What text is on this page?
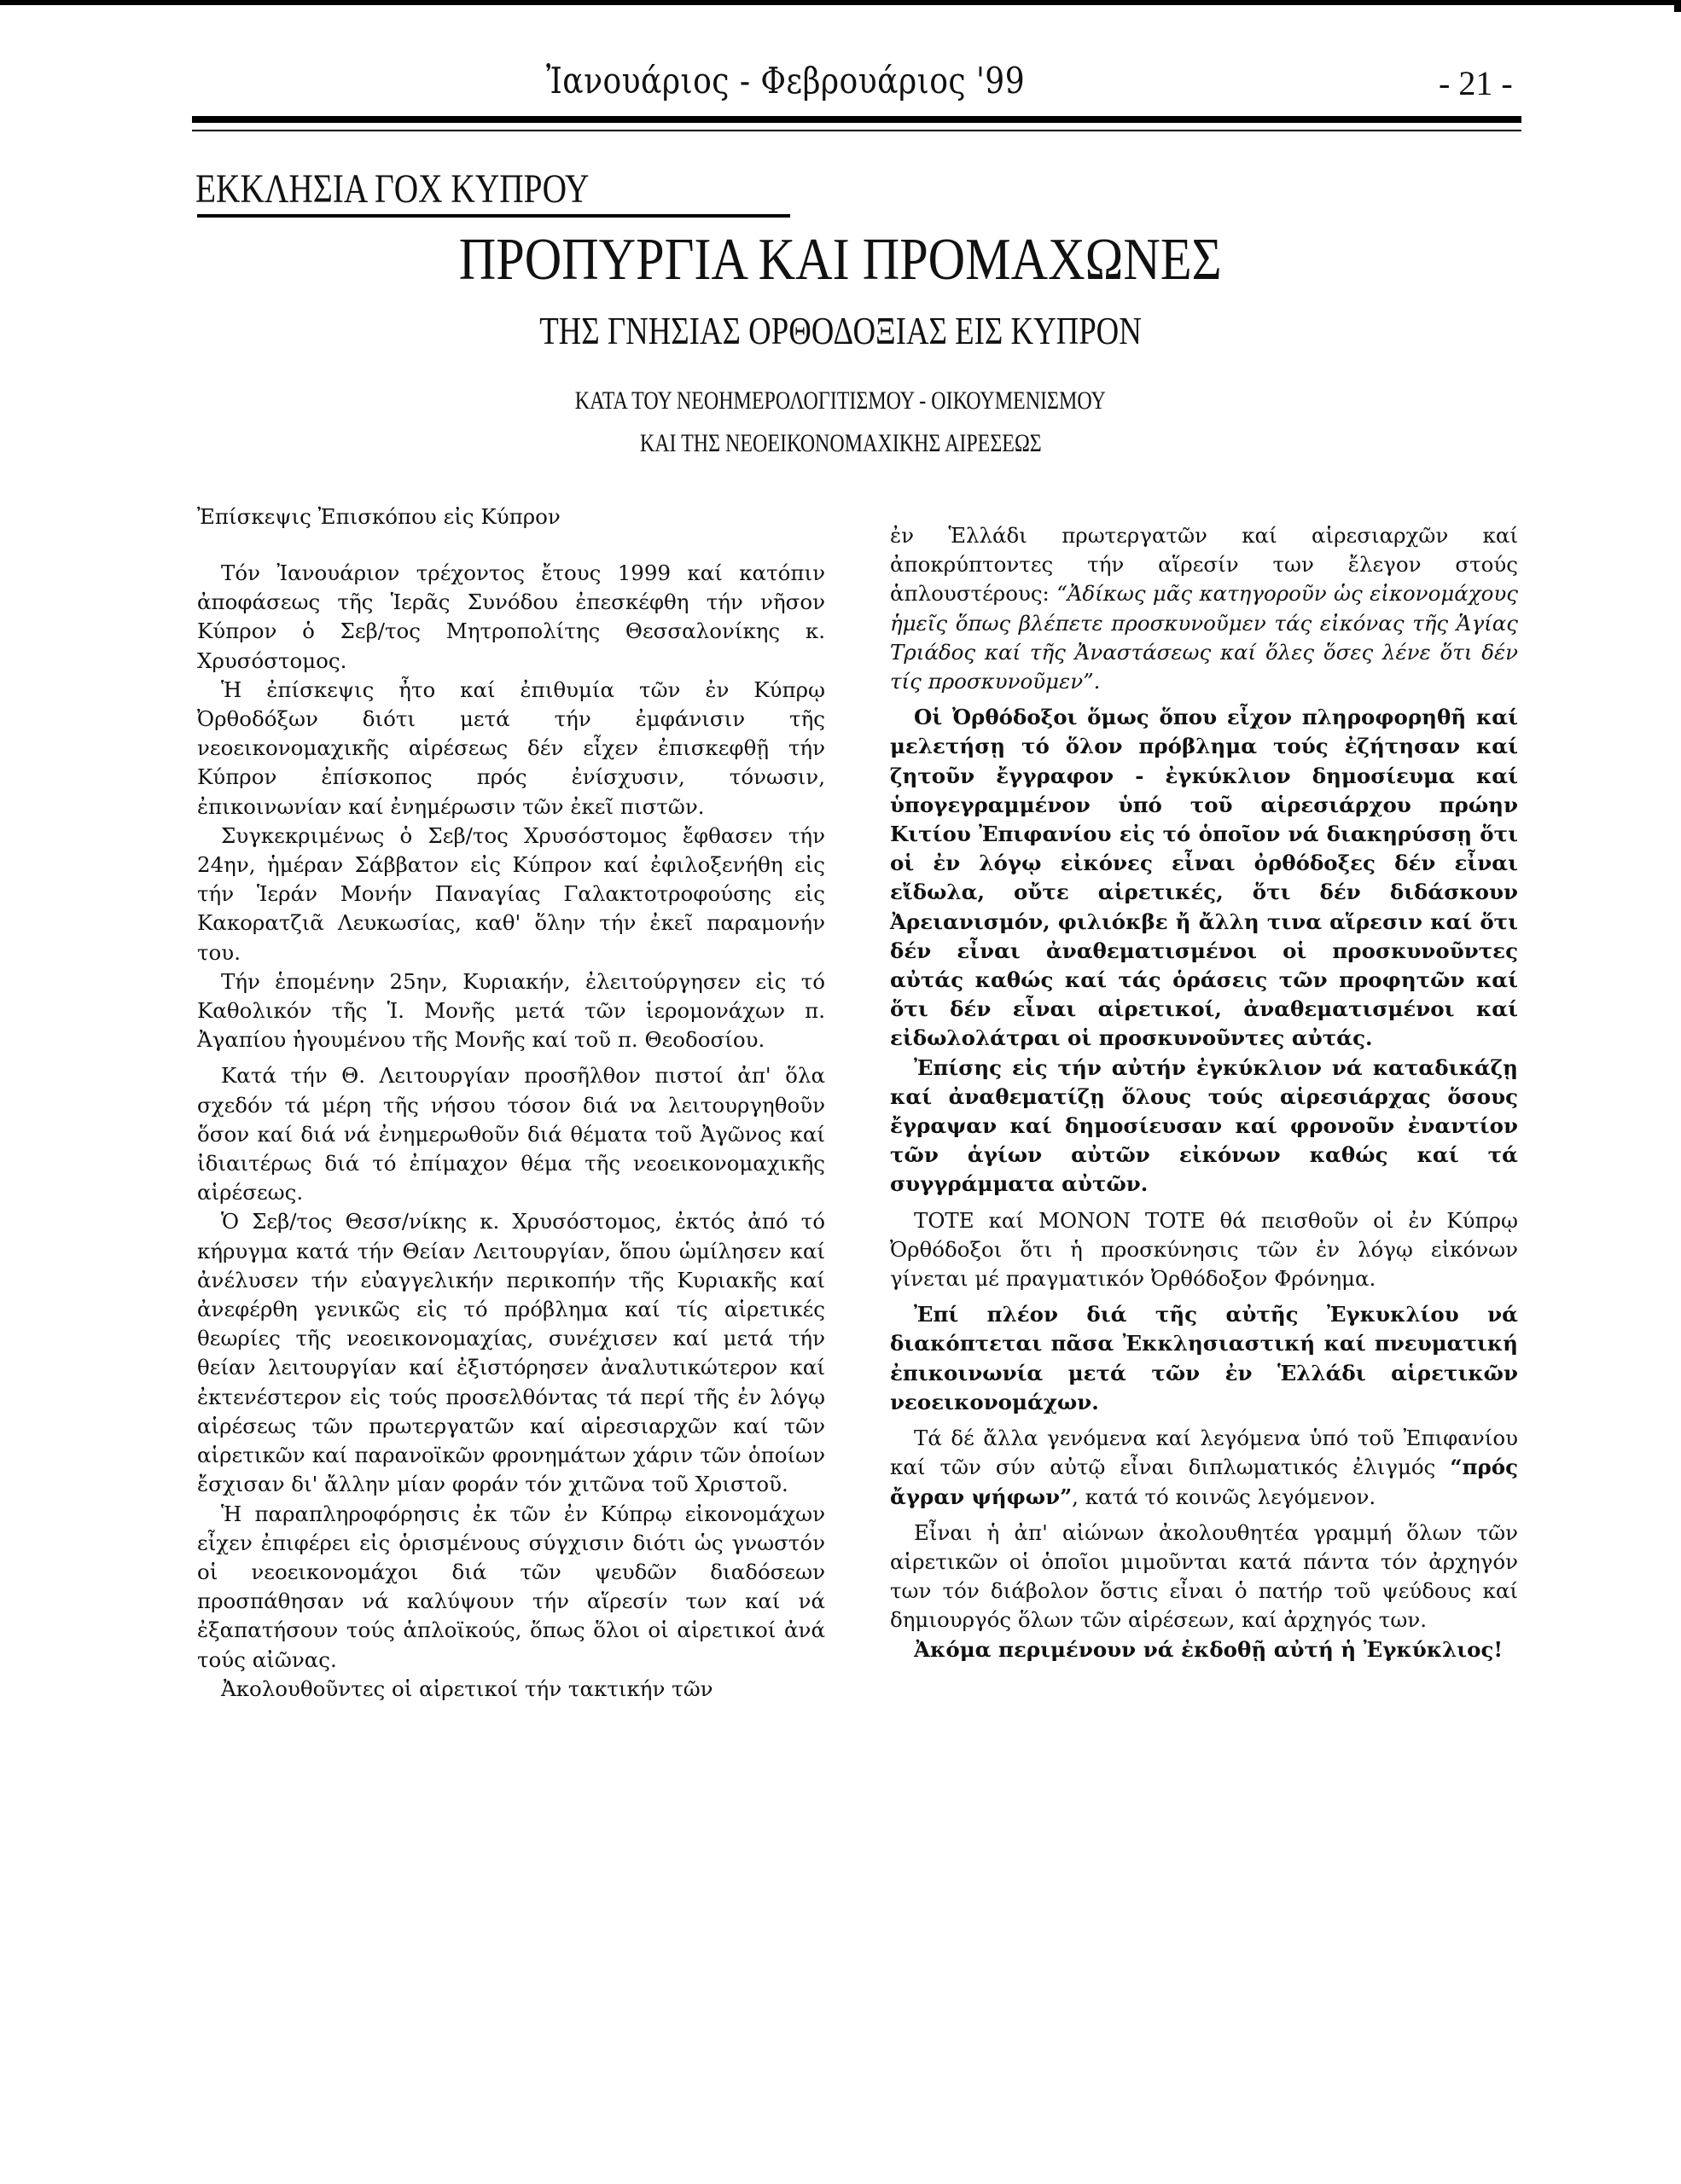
Ἰανουάριος - Φεβρουάριος '99	- 21 -
ΕΚΚΛΗΣΙΑ ΓΟΧ ΚΥΠΡΟΥ
ΠΡΟΠΥΡΓΙΑ ΚΑΙ ΠΡΟΜΑΧΩΝΕΣ
ΤΗΣ ΓΝΗΣΙΑΣ ΟΡΘΟΔΟΞΙΑΣ ΕΙΣ ΚΥΠΡΟΝ
ΚΑΤΑ ΤΟΥ ΝΕΟΗΜΕΡΟΛΟΓΙΤΙΣΜΟΥ - ΟΙΚΟΥΜΕΝΙΣΜΟΥ
ΚΑΙ ΤΗΣ ΝΕΟΕΙΚΟΝΟΜΑΧΙΚΗΣ ΑΙΡΕΣΕΩΣ
Ἐπίσκεψις Ἐπισκόπου εἰς Κύπρον

Τόν Ἰανουάριον τρέχοντος ἔτους 1999 καί κατόπιν ἀποφάσεως τῆς Ἱερᾶς Συνόδου ἐπεσκέφθη τήν νῆσον Κύπρον ὁ Σεβ/τος Μητροπολίτης Θεσσαλονίκης κ. Χρυσόστομος.

Ἡ ἐπίσκεψις ἦτο καί ἐπιθυμία τῶν ἐν Κύπρῳ Ὀρθοδόξων διότι μετά τήν ἐμφάνισιν τῆς νεοεικονομαχικῆς αἱρέσεως δέν εἶχεν ἐπισκεφθῇ τήν Κύπρον ἐπίσκοπος πρός ἐνίσχυσιν, τόνωσιν, ἐπικοινωνίαν καί ἐνημέρωσιν τῶν ἐκεῖ πιστῶν.

Συγκεκριμένως ὁ Σεβ/τος Χρυσόστομος ἔφθασεν τήν 24ην, ἡμέραν Σάββατον εἰς Κύπρον καί ἐφιλοξενήθη εἰς τήν Ἱεράν Μονήν Παναγίας Γαλακτοτροφούσης εἰς Κακορατζιᾶ Λευκωσίας, καθ' ὅλην τήν ἐκεῖ παραμονήν του.

Τήν ἑπομένην 25ην, Κυριακήν, ἐλειτούργησεν εἰς τό Καθολικόν τῆς Ἱ. Μονῆς μετά τῶν ἱερομονάχων π. Ἀγαπίου ἡγουμένου τῆς Μονῆς καί τοῦ π. Θεοδοσίου.

Κατά τήν Θ. Λειτουργίαν προσῆλθον πιστοί ἀπ' ὅλα σχεδόν τά μέρη τῆς νήσου τόσον διά να λειτουργηθοῦν ὅσον καί διά νά ἐνημερωθοῦν διά θέματα τοῦ Ἀγῶνος καί ἰδιαιτέρως διά τό ἐπίμαχον θέμα τῆς νεοεικονομαχικῆς αἱρέσεως.

Ὁ Σεβ/τος Θεσσ/νίκης κ. Χρυσόστομος, ἐκτός ἀπό τό κήρυγμα κατά τήν Θείαν Λειτουργίαν, ὅπου ὡμίλησεν καί ἀνέλυσεν τήν εὐαγγελικήν περικοπήν τῆς Κυριακῆς καί ἀνεφέρθη γενικῶς εἰς τό πρόβλημα καί τίς αἱρετικές θεωρίες τῆς νεοεικονομαχίας, συνέχισεν καί μετά τήν θείαν λειτουργίαν καί ἐξιστόρησεν ἀναλυτικώτερον καί ἐκτενέστερον εἰς τούς προσελθόντας τά περί τῆς ἐν λόγῳ αἱρέσεως τῶν πρωτεργατῶν καί αἱρεσιαρχῶν καί τῶν αἱρετικῶν καί παρανοϊκῶν φρονημάτων χάριν τῶν ὁποίων ἔσχισαν δι' ἄλλην μίαν φοράν τόν χιτῶνα τοῦ Χριστοῦ.

Ἡ παραπληροφόρησις ἐκ τῶν ἐν Κύπρῳ εἰκονομάχων εἶχεν ἐπιφέρει εἰς ὁρισμένους σύγχισιν διότι ὡς γνωστόν οἱ νεοεικονομάχοι διά τῶν ψευδῶν διαδόσεων προσπάθησαν νά καλύψουν τήν αἵρεσίν των καί νά ἐξαπατήσουν τούς ἁπλοϊκούς, ὅπως ὅλοι οἱ αἱρετικοί ἀνά τούς αἰῶνας.

Ἀκολουθοῦντες οἱ αἱρετικοί τήν τακτικήν τῶν

ἐν Ἑλλάδι πρωτεργατῶν καί αἱρεσιαρχῶν καί ἀποκρύπτοντες τήν αἵρεσίν των ἔλεγον στούς ἁπλουστέρους: “Ἀδίκως μᾶς κατηγοροῦν ὡς εἰκονομάχους ἡμεῖς ὅπως βλέπετε προσκυνοῦμεν τάς εἰκόνας τῆς Ἁγίας Τριάδος καί τῆς Ἀναστάσεως καί ὅλες ὅσες λένε ὅτι δέν τίς προσκυνοῦμεν”.

Οἱ Ὀρθόδοξοι ὅμως ὅπου εἶχον πληροφορηθῆ καί μελετήσῃ τό ὅλον πρόβλημα τούς ἐζήτησαν καί ζητοῦν ἔγγραφον - ἐγκύκλιον δημοσίευμα καί ὑπογεγραμμένον ὑπό τοῦ αἱρεσιάρχου πρώην Κιτίου Ἐπιφανίου εἰς τό ὁποῖον νά διακηρύσσῃ ὅτι οἱ ἐν λόγῳ εἰκόνες εἶναι ὀρθόδοξες δέν εἶναι εἴδωλα, οὔτε αἱρετικές, ὅτι δέν διδάσκουν Ἀρειανισμόν, φιλιόκβε ἤ ἄλλη τινα αἵρεσιν καί ὅτι δέν εἶναι ἀναθεματισμένοι οἱ προσκυνοῦντες αὐτάς καθώς καί τάς ὁράσεις τῶν προφητῶν καί ὅτι δέν εἶναι αἱρετικοί, ἀναθεματισμένοι καί εἰδωλολάτραι οἱ προσκυνοῦντες αὐτάς.

Ἐπίσης εἰς τήν αὐτήν ἐγκύκλιον νά καταδικάζῃ καί ἀναθεματίζῃ ὅλους τούς αἱρεσιάρχας ὅσους ἔγραψαν καί δημοσίευσαν καί φρονοῦν ἐναντίον τῶν ἁγίων αὐτῶν εἰκόνων καθώς καί τά συγγράμματα αὐτῶν.

ΤΟΤΕ καί ΜΟΝΟΝ ΤΟΤΕ θά πεισθοῦν οἱ ἐν Κύπρῳ Ὀρθόδοξοι ὅτι ἡ προσκύνησις τῶν ἐν λόγῳ εἰκόνων γίνεται μέ πραγματικόν Ὀρθόδοξον Φρόνημα.

Ἐπί πλέον διά τῆς αὐτῆς Ἐγκυκλίου νά διακόπτεται πᾶσα Ἐκκλησιαστική καί πνευματική ἐπικοινωνία μετά τῶν ἐν Ἑλλάδι αἱρετικῶν νεοεικονομάχων.

Τά δέ ἄλλα γενόμενα καί λεγόμενα ὑπό τοῦ Ἐπιφανίου καί τῶν σύν αὐτῷ εἶναι διπλωματικός ἐλιγμός “πρός ἄγραν ψήφων”, κατά τό κοινῶς λεγόμενον.

Εἶναι ἡ ἀπ' αἰώνων ἀκολουθητέα γραμμή ὅλων τῶν αἱρετικῶν οἱ ὁποῖοι μιμοῦνται κατά πάντα τόν ἀρχηγόν των τόν διάβολον ὅστις εἶναι ὁ πατήρ τοῦ ψεύδους καί δημιουργός ὅλων τῶν αἱρέσεων, καί ἀρχηγός των.

Ἀκόμα περιμένουν νά ἐκδοθῇ αὐτή ἡ Ἐγκύκλιος!
